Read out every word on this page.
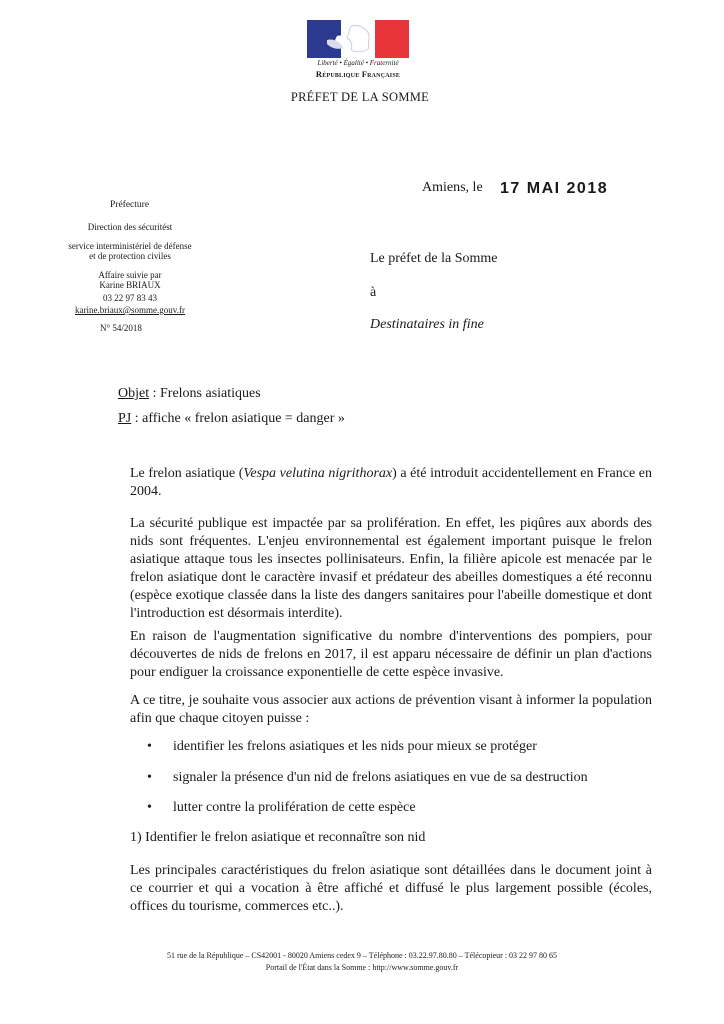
Liberté • Égalité • Fraternité
République Française
PRÉFET DE LA SOMME
Préfecture
Direction des sécuritést
service interministériel de défense
et de protection civiles
Affaire suivie par
Karine BRIAUX
03 22 97 83 43
karine.briaux@somme.gouv.fr
N° 54/2018
Amiens, le 17 MAI 2018
Le préfet de la Somme
à
Destinataires in fine
Objet : Frelons asiatiques
PJ : affiche « frelon asiatique = danger »
Le frelon asiatique (Vespa velutina nigrithorax) a été introduit accidentellement en France en 2004.
La sécurité publique est impactée par sa prolifération. En effet, les piqûres aux abords des nids sont fréquentes. L'enjeu environnemental est également important puisque le frelon asiatique attaque tous les insectes pollinisateurs. Enfin, la filière apicole est menacée par le frelon asiatique dont le caractère invasif et prédateur des abeilles domestiques a été reconnu (espèce exotique classée dans la liste des dangers sanitaires pour l'abeille domestique et dont l'introduction est désormais interdite).
En raison de l'augmentation significative du nombre d'interventions des pompiers, pour découvertes de nids de frelons en 2017, il est apparu nécessaire de définir un plan d'actions pour endiguer la croissance exponentielle de cette espèce invasive.
A ce titre, je souhaite vous associer aux actions de prévention visant à informer la population afin que chaque citoyen puisse :
• identifier les frelons asiatiques et les nids pour mieux se protéger
• signaler la présence d'un nid de frelons asiatiques en vue de sa destruction
• lutter contre la prolifération de cette espèce
1) Identifier le frelon asiatique et reconnaître son nid
Les principales caractéristiques du frelon asiatique sont détaillées dans le document joint à ce courrier et qui a vocation à être affiché et diffusé le plus largement possible (écoles, offices du tourisme, commerces etc..).
51 rue de la République – CS42001 - 80020 Amiens cedex 9 – Téléphone : 03.22.97.80.80 – Télécopieur : 03 22 97 80 65
Portail de l'État dans la Somme : http://www.somme.gouv.fr
